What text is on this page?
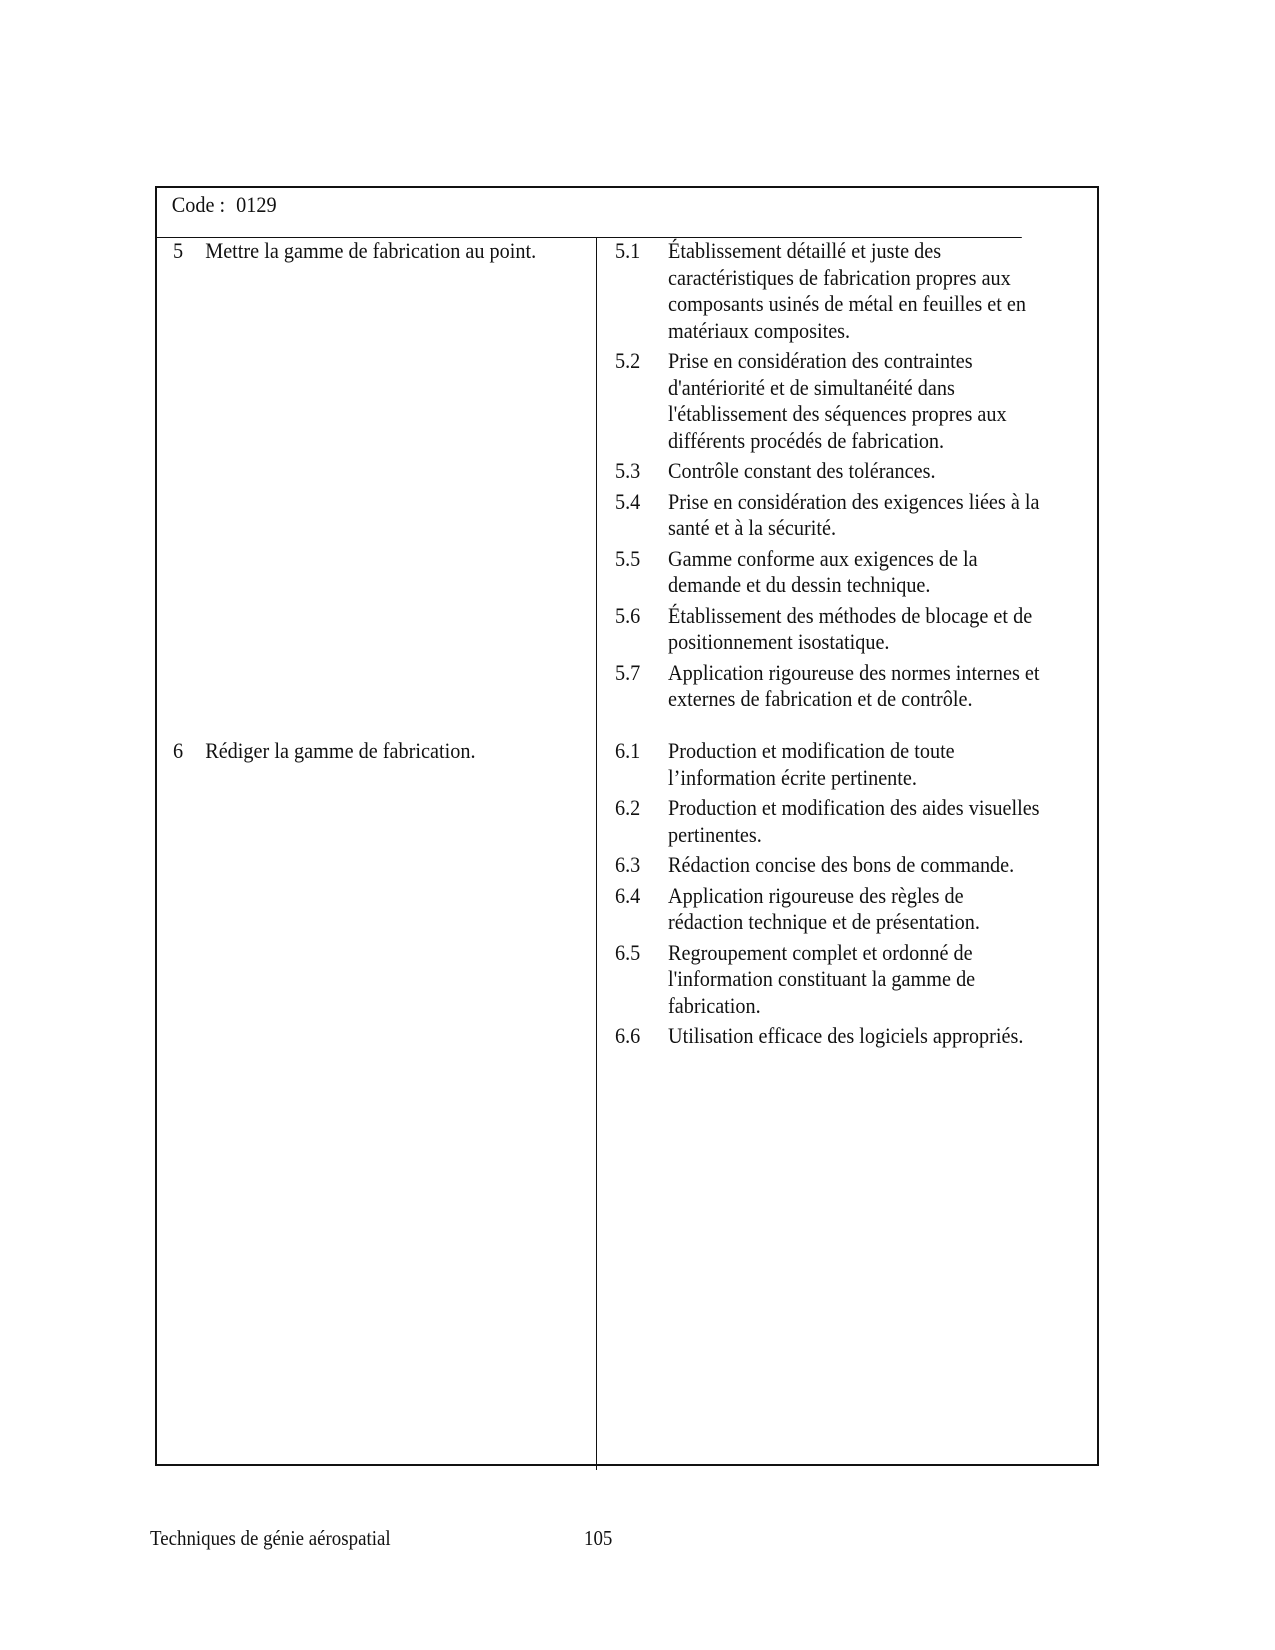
Code : 0129
5 Mettre la gamme de fabrication au point.	5.1	Établissement détaillé et juste des
caractéristiques de fabrication propres aux
composants usinés de métal en feuilles et en
matériaux composites.
5.2	Prise en considération des contraintes
d'antériorité et de simultanéité dans
l'établissement des séquences propres aux
différents procédés de fabrication.
5.3	Contrôle constant des tolérances.
5.4	Prise en considération des exigences liées à la
santé et à la sécurité.
5.5	Gamme conforme aux exigences de la
demande et du dessin technique.
5.6	Établissement des méthodes de blocage et de
positionnement isostatique.
5.7	Application rigoureuse des normes internes et
externes de fabrication et de contrôle.
6 Rédiger la gamme de fabrication.	6.1	Production et modification de toute
l’information écrite pertinente.
6.2	Production et modification des aides visuelles
pertinentes.
6.3	Rédaction concise des bons de commande.
6.4	Application rigoureuse des règles de
rédaction technique et de présentation.
6.5	Regroupement complet et ordonné de
l'information constituant la gamme de
fabrication.
6.6	Utilisation efficace des logiciels appropriés.
Techniques de génie aérospatial	105
